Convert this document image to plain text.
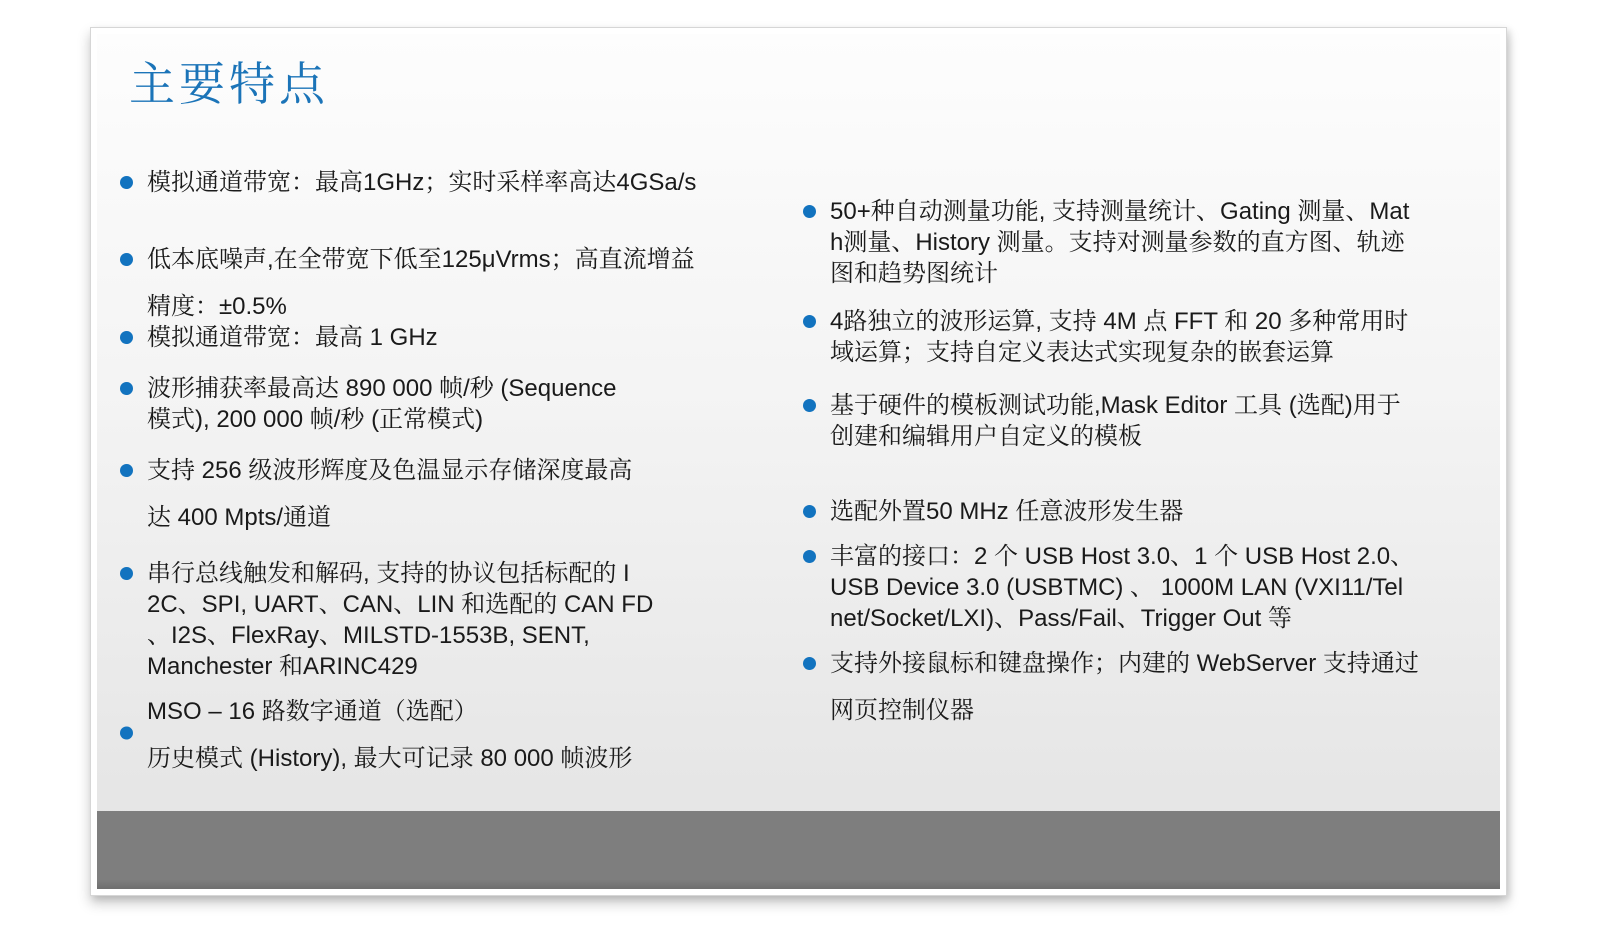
主要特点
模拟通道带宽：最高1GHz；实时采样率高达4GSa/s
低本底噪声,在全带宽下低至125μVrms；高直流增益
精度：±0.5%
模拟通道带宽：最高 1 GHz
波形捕获率最高达 890 000 帧/秒 (Sequence
模式), 200 000 帧/秒 (正常模式)
支持 256 级波形辉度及色温显示存储深度最高
达 400 Mpts/通道
串行总线触发和解码, 支持的协议包括标配的 I
2C、SPI, UART、CAN、LIN 和选配的 CAN FD
、I2S、FlexRay、MILSTD-1553B, SENT,
Manchester 和ARINC429
MSO – 16 路数字通道（选配）
历史模式 (History), 最大可记录 80 000 帧波形
50+种自动测量功能, 支持测量统计、Gating 测量、Mat
h测量、History 测量。支持对测量参数的直方图、轨迹
图和趋势图统计
4路独立的波形运算, 支持 4M 点 FFT 和 20 多种常用时
域运算；支持自定义表达式实现复杂的嵌套运算
基于硬件的模板测试功能,Mask Editor 工具 (选配)用于
创建和编辑用户自定义的模板
选配外置50 MHz 任意波形发生器
丰富的接口：2 个 USB Host 3.0、1 个 USB Host 2.0、
USB Device 3.0 (USBTMC) 、 1000M LAN (VXI11/Tel
net/Socket/LXI)、Pass/Fail、Trigger Out 等
支持外接鼠标和键盘操作；内建的 WebServer 支持通过
网页控制仪器
